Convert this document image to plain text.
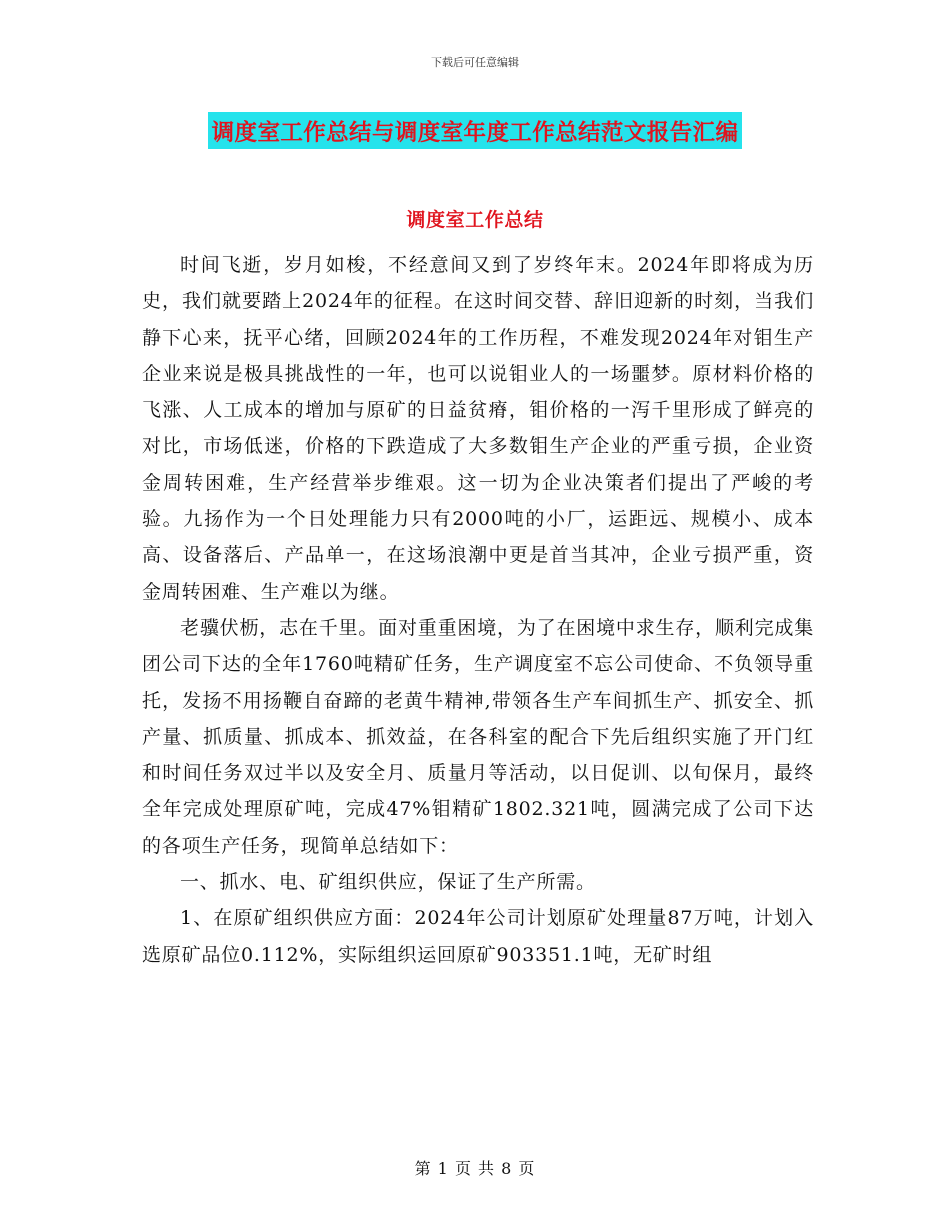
下载后可任意编辑
调度室工作总结与调度室年度工作总结范文报告汇编
调度室工作总结

时间飞逝，岁月如梭，不经意间又到了岁终年末。2024年即将成为历史，我们就要踏上2024年的征程。在这时间交替、辞旧迎新的时刻，当我们静下心来，抚平心绪，回顾2024年的工作历程，不难发现2024年对钼生产企业来说是极具挑战性的一年，也可以说钼业人的一场噩梦。原材料价格的飞涨、人工成本的增加与原矿的日益贫瘠，钼价格的一泻千里形成了鲜亮的对比，市场低迷，价格的下跌造成了大多数钼生产企业的严重亏损，企业资金周转困难，生产经营举步维艰。这一切为企业决策者们提出了严峻的考验。九扬作为一个日处理能力只有2000吨的小厂，运距远、规模小、成本高、设备落后、产品单一，在这场浪潮中更是首当其冲，企业亏损严重，资金周转困难、生产难以为继。

老骥伏枥，志在千里。面对重重困境，为了在困境中求生存，顺利完成集团公司下达的全年1760吨精矿任务，生产调度室不忘公司使命、不负领导重托，发扬不用扬鞭自奋蹄的老黄牛精神,带领各生产车间抓生产、抓安全、抓产量、抓质量、抓成本、抓效益，在各科室的配合下先后组织实施了开门红和时间任务双过半以及安全月、质量月等活动，以日促训、以旬保月，最终全年完成处理原矿吨，完成47%钼精矿1802.321吨，圆满完成了公司下达的各项生产任务，现简单总结如下：

一、抓水、电、矿组织供应，保证了生产所需。

1、在原矿组织供应方面：2024年公司计划原矿处理量87万吨，计划入选原矿品位0.112%，实际组织运回原矿903351.1吨，无矿时组

第 1 页 共 8 页
